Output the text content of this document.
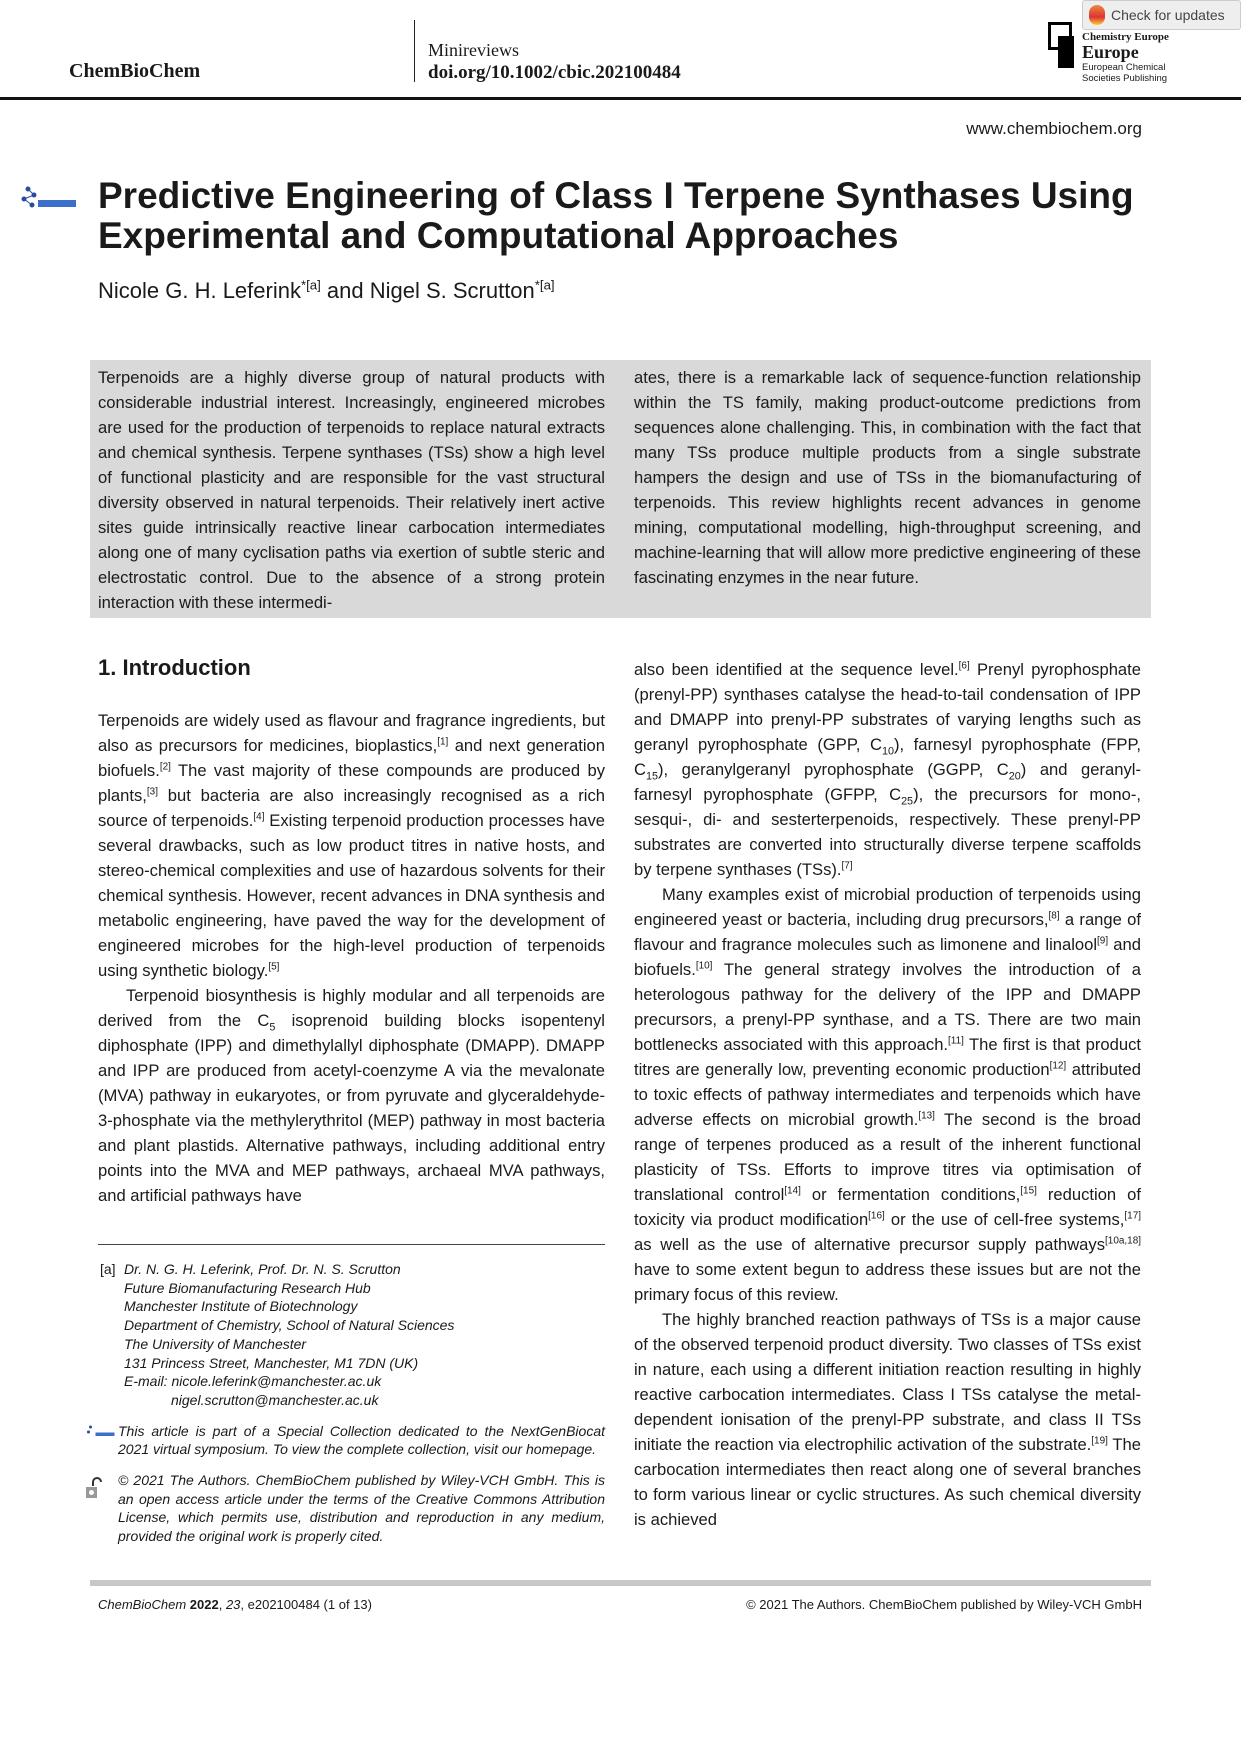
ChemBioChem
Minireviews
doi.org/10.1002/cbic.202100484
Chemistry Europe
Europe
European Chemical
Societies Publishing
Check for updates
www.chembiochem.org
Predictive Engineering of Class I Terpene Synthases Using Experimental and Computational Approaches
Nicole G. H. Leferink$^{*[a]}$ and Nigel S. Scrutton$^{*[a]}$
Terpenoids are a highly diverse group of natural products with considerable industrial interest. Increasingly, engineered microbes are used for the production of terpenoids to replace natural extracts and chemical synthesis. Terpene synthases (TSs) show a high level of functional plasticity and are responsible for the vast structural diversity observed in natural terpenoids. Their relatively inert active sites guide intrinsically reactive linear carbocation intermediates along one of many cyclisation paths via exertion of subtle steric and electrostatic control. Due to the absence of a strong protein interaction with these intermedi-
ates, there is a remarkable lack of sequence-function relationship within the TS family, making product-outcome predictions from sequences alone challenging. This, in combination with the fact that many TSs produce multiple products from a single substrate hampers the design and use of TSs in the biomanufacturing of terpenoids. This review highlights recent advances in genome mining, computational modelling, high-throughput screening, and machine-learning that will allow more predictive engineering of these fascinating enzymes in the near future.
1. Introduction

Terpenoids are widely used as flavour and fragrance ingredients, but also as precursors for medicines, bioplastics,[1] and next generation biofuels.[2] The vast majority of these compounds are produced by plants,[3] but bacteria are also increasingly recognised as a rich source of terpenoids.[4] Existing terpenoid production processes have several drawbacks, such as low product titres in native hosts, and stereo-chemical complexities and use of hazardous solvents for their chemical synthesis. However, recent advances in DNA synthesis and metabolic engineering, have paved the way for the development of engineered microbes for the high-level production of terpenoids using synthetic biology.[5]

Terpenoid biosynthesis is highly modular and all terpenoids are derived from the $C_5$ isoprenoid building blocks isopentenyl diphosphate (IPP) and dimethylallyl diphosphate (DMAPP). DMAPP and IPP are produced from acetyl-coenzyme A via the mevalonate (MVA) pathway in eukaryotes, or from pyruvate and glyceraldehyde-3-phosphate via the methylerythritol (MEP) pathway in most bacteria and plant plastids. Alternative pathways, including additional entry points into the MVA and MEP pathways, archaeal MVA pathways, and artificial pathways have

also been identified at the sequence level.[6] Prenyl pyrophosphate (prenyl-PP) synthases catalyse the head-to-tail condensation of IPP and DMAPP into prenyl-PP substrates of varying lengths such as geranyl pyrophosphate (GPP, $C_{10}$), farnesyl pyrophosphate (FPP, $C_{15}$), geranylgeranyl pyrophosphate (GGPP, $C_{20}$) and geranyl-farnesyl pyrophosphate (GFPP, $C_{25}$), the precursors for mono-, sesqui-, di- and sesterterpenoids, respectively. These prenyl-PP substrates are converted into structurally diverse terpene scaffolds by terpene synthases (TSs).[7]

Many examples exist of microbial production of terpenoids using engineered yeast or bacteria, including drug precursors,[8] a range of flavour and fragrance molecules such as limonene and linalool[9] and biofuels.[10] The general strategy involves the introduction of a heterologous pathway for the delivery of the IPP and DMAPP precursors, a prenyl-PP synthase, and a TS. There are two main bottlenecks associated with this approach.[11] The first is that product titres are generally low, preventing economic production[12] attributed to toxic effects of pathway intermediates and terpenoids which have adverse effects on microbial growth.[13] The second is the broad range of terpenes produced as a result of the inherent functional plasticity of TSs. Efforts to improve titres via optimisation of translational control[14] or fermentation conditions,[15] reduction of toxicity via product modification[16] or the use of cell-free systems,[17] as well as the use of alternative precursor supply pathways[10a,18] have to some extent begun to address these issues but are not the primary focus of this review.

The highly branched reaction pathways of TSs is a major cause of the observed terpenoid product diversity. Two classes of TSs exist in nature, each using a different initiation reaction resulting in highly reactive carbocation intermediates. Class I TSs catalyse the metal-dependent ionisation of the prenyl-PP substrate, and class II TSs initiate the reaction via electrophilic activation of the substrate.[19] The carbocation intermediates then react along one of several branches to form various linear or cyclic structures. As such chemical diversity is achieved

[a] Dr. N. G. H. Leferink, Prof. Dr. N. S. Scrutton
Future Biomanufacturing Research Hub
Manchester Institute of Biotechnology
Department of Chemistry, School of Natural Sciences
The University of Manchester
131 Princess Street, Manchester, M1 7DN (UK)
E-mail: nicole.leferink@manchester.ac.uk
nigel.scrutton@manchester.ac.uk
This article is part of a Special Collection dedicated to the NextGenBiocat 2021 virtual symposium. To view the complete collection, visit our homepage.
© 2021 The Authors. ChemBioChem published by Wiley-VCH GmbH. This is an open access article under the terms of the Creative Commons Attribution License, which permits use, distribution and reproduction in any medium, provided the original work is properly cited.
ChemBioChem 2022, 23, e202100484 (1 of 13)	© 2021 The Authors. ChemBioChem published by Wiley-VCH GmbH
